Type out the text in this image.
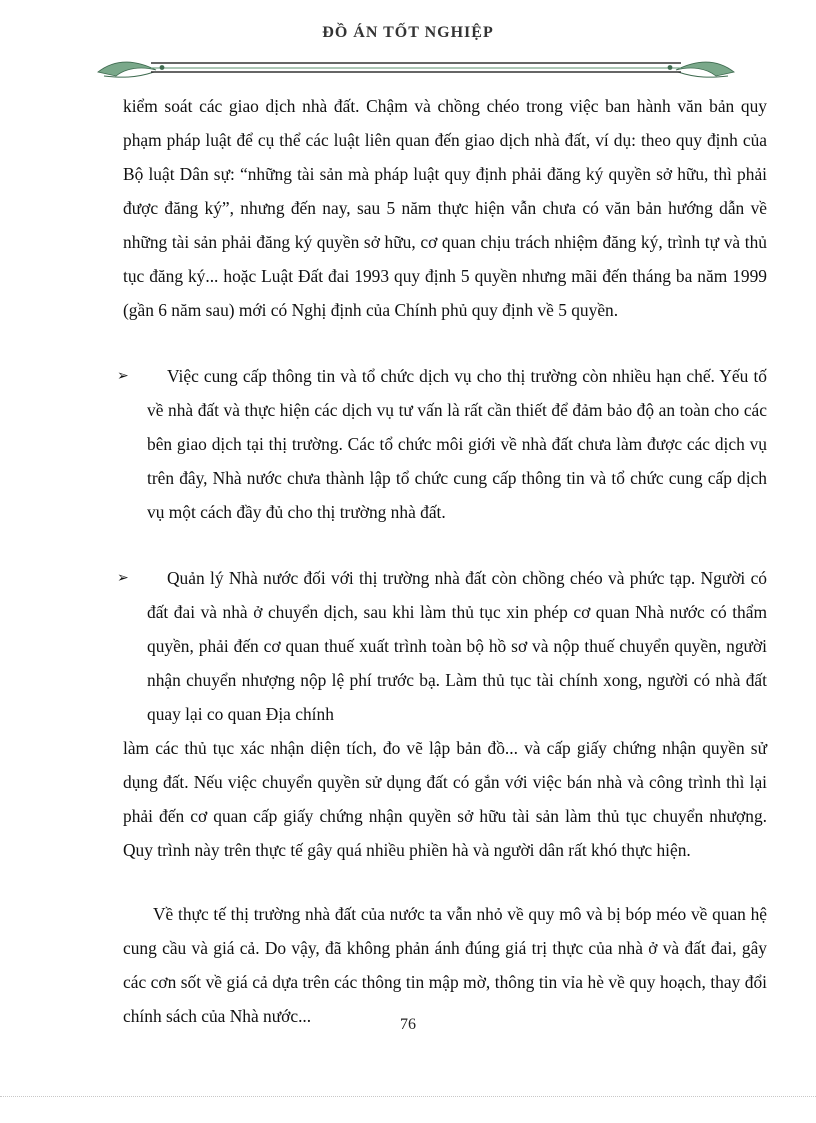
ĐỒ ÁN TỐT NGHIỆP

kiểm soát các giao dịch nhà đất. Chậm và chồng chéo trong việc ban hành văn bản quy phạm pháp luật để cụ thể các luật liên quan đến giao dịch nhà đất, ví dụ: theo quy định của Bộ luật Dân sự: “những tài sản mà pháp luật quy định phải đăng ký quyền sở hữu, thì phải được đăng ký”, nhưng đến nay, sau 5 năm thực hiện vẫn chưa có văn bản hướng dẫn về những tài sản phải đăng ký quyền sở hữu, cơ quan chịu trách nhiệm đăng ký, trình tự và thủ tục đăng ký... hoặc Luật Đất đai 1993 quy định 5 quyền nhưng mãi đến tháng ba năm 1999 (gần 6 năm sau) mới có Nghị định của Chính phủ quy định về 5 quyền.

➢	Việc cung cấp thông tin và tổ chức dịch vụ cho thị trường còn nhiều hạn chế. Yếu tố về nhà đất và thực hiện các dịch vụ tư vấn là rất cần thiết để đảm bảo độ an toàn cho các bên giao dịch tại thị trường. Các tổ chức môi giới về nhà đất chưa làm được các dịch vụ trên đây, Nhà nước chưa thành lập tổ chức cung cấp thông tin và tổ chức cung cấp dịch vụ một cách đầy đủ cho thị trường nhà đất.
➢	Quản lý Nhà nước đối với thị trường nhà đất còn chồng chéo và phức tạp. Người có đất đai và nhà ở chuyển dịch, sau khi làm thủ tục xin phép cơ quan Nhà nước có thẩm quyền, phải đến cơ quan thuế xuất trình toàn bộ hồ sơ và nộp thuế chuyển quyền, người nhận chuyển nhượng nộp lệ phí trước bạ. Làm thủ tục tài chính xong, người có nhà đất quay lại co quan Địa chính

làm các thủ tục xác nhận diện tích, đo vẽ lập bản đồ... và cấp giấy chứng nhận quyền sử dụng đất. Nếu việc chuyển quyền sử dụng đất có gắn với việc bán nhà và công trình thì lại phải đến cơ quan cấp giấy chứng nhận quyền sở hữu tài sản làm thủ tục chuyển nhượng. Quy trình này trên thực tế gây quá nhiều phiền hà và người dân rất khó thực hiện.

Về thực tế thị trường nhà đất của nước ta vẫn nhỏ về quy mô và bị bóp méo về quan hệ cung cầu và giá cả. Do vậy, đã không phản ánh đúng giá trị thực của nhà ở và đất đai, gây các cơn sốt về giá cả dựa trên các thông tin mập mờ, thông tin vỉa hè về quy hoạch, thay đổi chính sách của Nhà nước...	76
